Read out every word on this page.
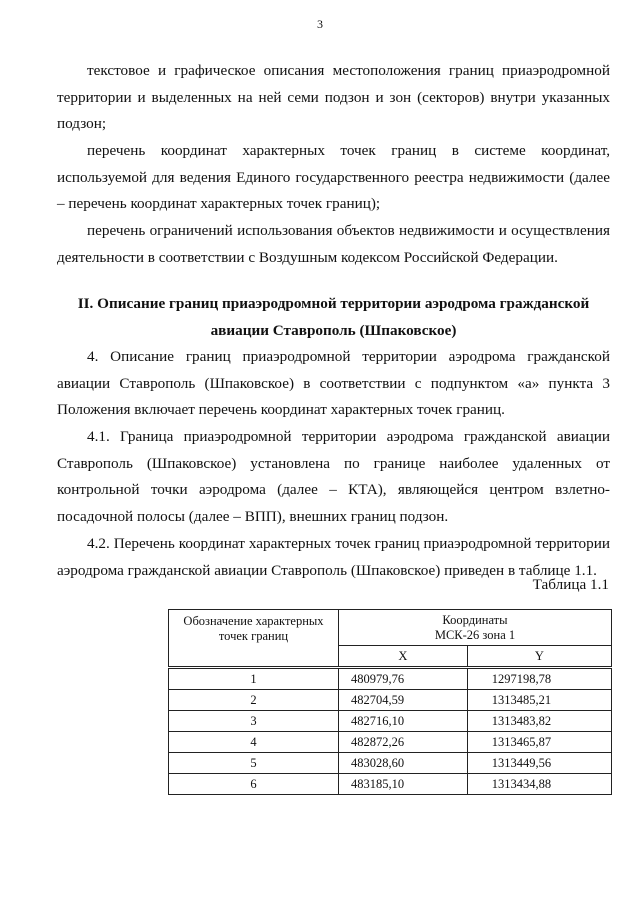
3

текстовое и графическое описания местоположения границ приаэродромной территории и выделенных на ней семи подзон и зон (секторов) внутри указанных подзон;

перечень координат характерных точек границ в системе координат, используемой для ведения Единого государственного реестра недвижимости (далее – перечень координат характерных точек границ);

перечень ограничений использования объектов недвижимости и осуществления деятельности в соответствии с Воздушным кодексом Российской Федерации.

II. Описание границ приаэродромной территории аэродрома гражданской авиации Ставрополь (Шпаковское)

4. Описание границ приаэродромной территории аэродрома гражданской авиации Ставрополь (Шпаковское) в соответствии с подпунктом «а» пункта 3 Положения включает перечень координат характерных точек границ.

4.1. Граница приаэродромной территории аэродрома гражданской авиации Ставрополь (Шпаковское) установлена по границе наиболее удаленных от контрольной точки аэродрома (далее – КТА), являющейся центром взлетно-посадочной полосы (далее – ВПП), внешних границ подзон.

4.2. Перечень координат характерных точек границ приаэродромной территории аэродрома гражданской авиации Ставрополь (Шпаковское) приведен в таблице 1.1.

Таблица 1.1
Обозначение характерных точек границ	Координаты
МСК-26 зона 1	
	X	Y
1	480979,76	1297198,78
2	482704,59	1313485,21
3	482716,10	1313483,82
4	482872,26	1313465,87
5	483028,60	1313449,56
6	483185,10	1313434,88
